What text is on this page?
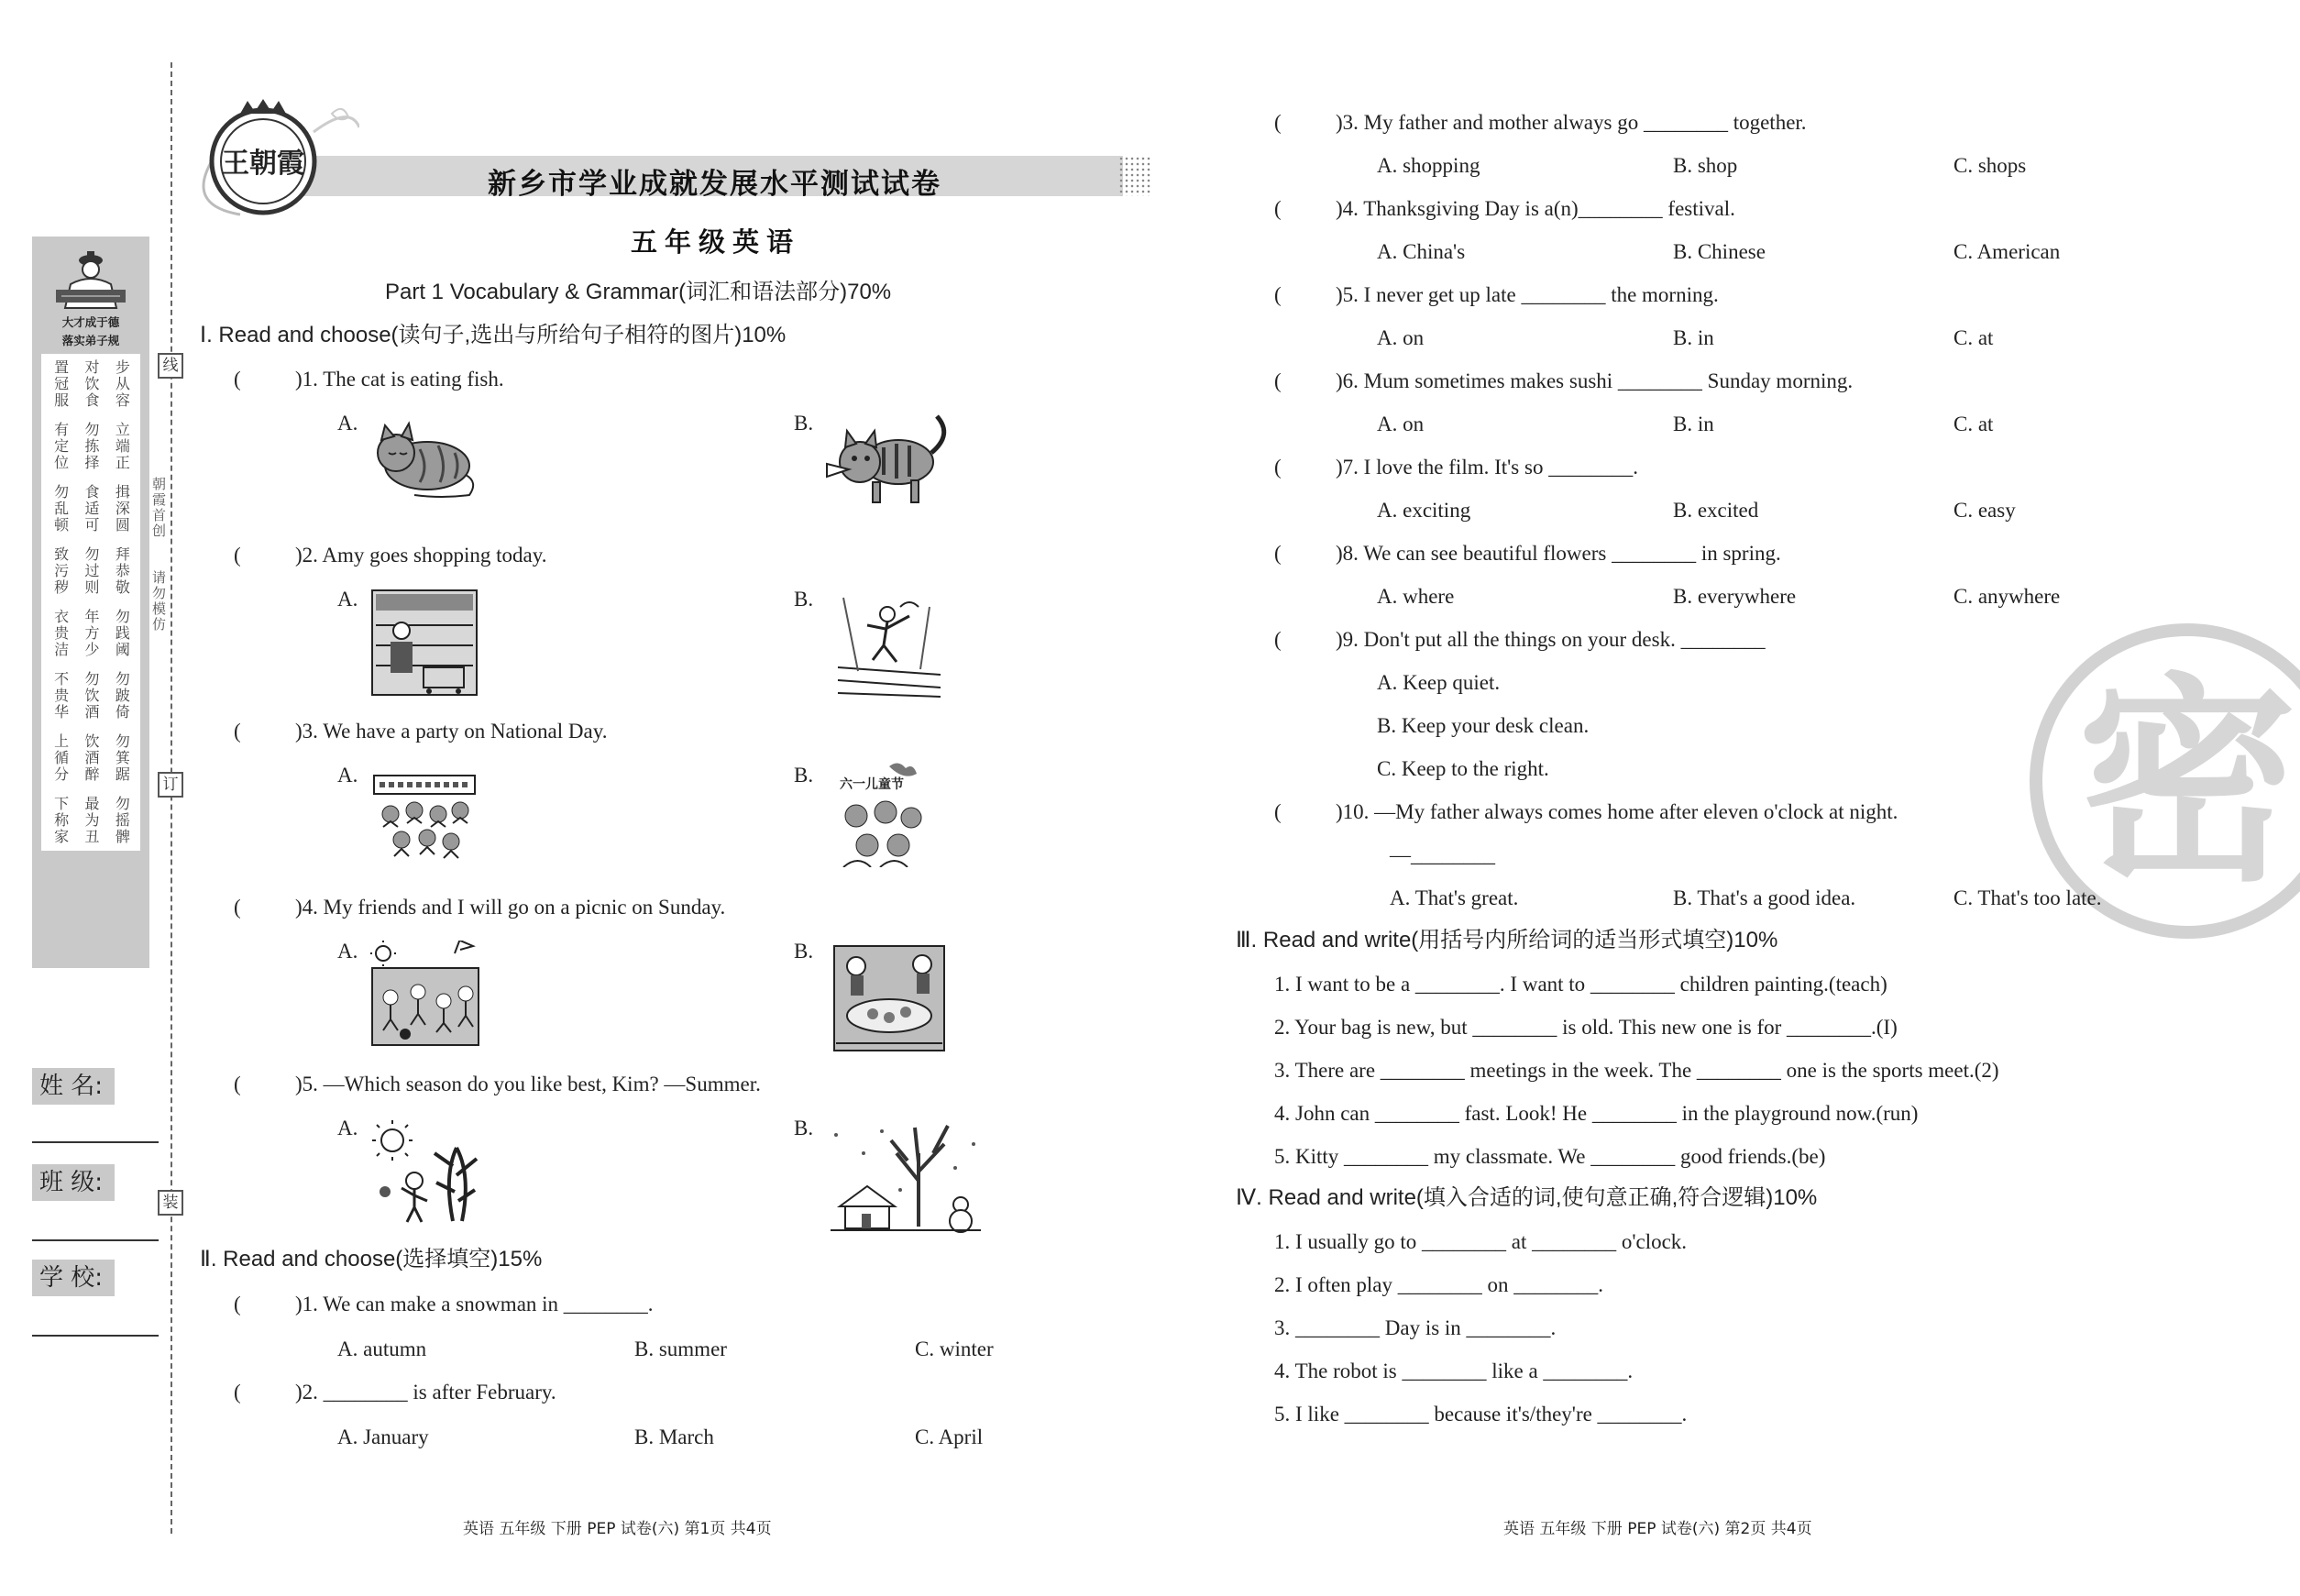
线
订
装
朝霞首创
请勿模仿
大才成于德
落实弟子规
步从容
对饮食
置冠服
立端正
勿拣择
有定位
揖深圆
食适可
勿乱顿
拜恭敬
勿过则
致污秽
勿践阈
年方少
衣贵洁
勿跛倚
勿饮酒
不贵华
勿箕踞
饮酒醉
上循分
勿摇髀
最为丑
下称家
姓 名:
班 级:
学 校:
王朝霞
新乡市学业成就发展水平测试试卷
五年级英语
Part 1 Vocabulary & Grammar(词汇和语法部分)70%
Ⅰ. Read and choose(读句子,选出与所给句子相符的图片)10%
(	)1. The cat is eating fish.
A.	B.
(	)2. Amy goes shopping today.
A.	B.
(	)3. We have a party on National Day.
A.	B. 六一儿童节
(	)4. My friends and I will go on a picnic on Sunday.
A.	B.
(	)5. —Which season do you like best, Kim? —Summer.
A.	B.
Ⅱ. Read and choose(选择填空)15%
(	)1. We can make a snowman in ________.
A. autumn	B. summer	C. winter
(	)2. ________ is after February.
A. January	B. March	C. April
英语 五年级 下册 PEP 试卷(六) 第1页 共4页
密
(	)3. My father and mother always go ________ together.
A. shopping	B. shop	C. shops
(	)4. Thanksgiving Day is a(n)________ festival.
A. China's	B. Chinese	C. American
(	)5. I never get up late ________ the morning.
A. on	B. in	C. at
(	)6. Mum sometimes makes sushi ________ Sunday morning.
A. on	B. in	C. at
(	)7. I love the film. It's so ________.
A. exciting	B. excited	C. easy
(	)8. We can see beautiful flowers ________ in spring.
A. where	B. everywhere	C. anywhere
(	)9. Don't put all the things on your desk. ________
A. Keep quiet.
B. Keep your desk clean.
C. Keep to the right.
(	)10. —My father always comes home after eleven o'clock at night.
—________
A. That's great.	B. That's a good idea.	C. That's too late.
Ⅲ. Read and write(用括号内所给词的适当形式填空)10%
1. I want to be a ________. I want to ________ children painting.(teach)
2. Your bag is new, but ________ is old. This new one is for ________.(I)
3. There are ________ meetings in the week. The ________ one is the sports meet.(2)
4. John can ________ fast. Look! He ________ in the playground now.(run)
5. Kitty ________ my classmate. We ________ good friends.(be)
Ⅳ. Read and write(填入合适的词,使句意正确,符合逻辑)10%
1. I usually go to ________ at ________ o'clock.
2. I often play ________ on ________.
3. ________ Day is in ________.
4. The robot is ________ like a ________.
5. I like ________ because it's/they're ________.
英语 五年级 下册 PEP 试卷(六) 第2页 共4页
